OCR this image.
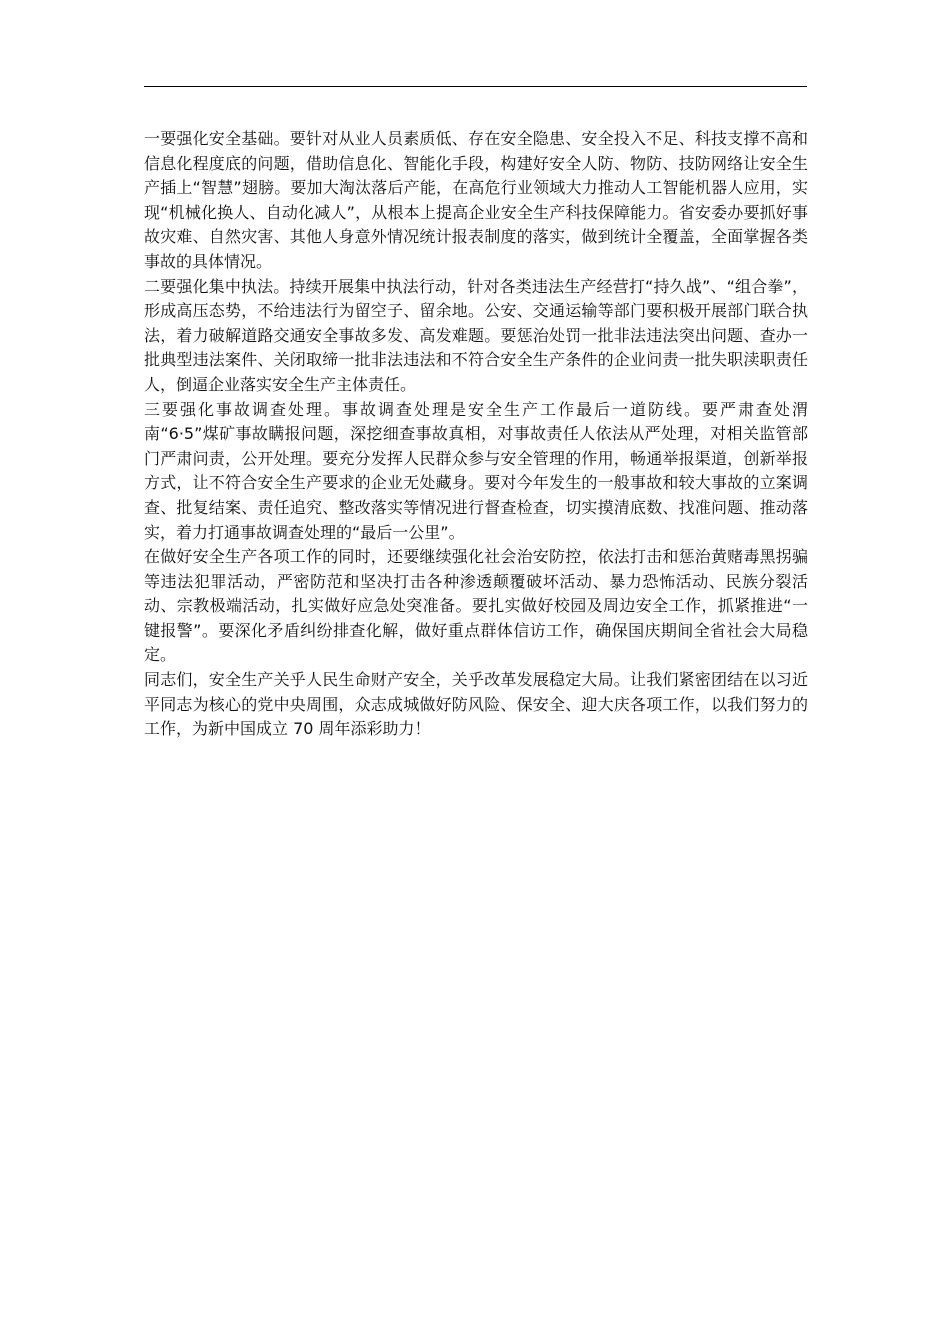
一要强化安全基础。要针对从业人员素质低、存在安全隐患、安全投入不足、科技支撑不高和信息化程度底的问题，借助信息化、智能化手段，构建好安全人防、物防、技防网络让安全生产插上“智慧”翅膀。要加大淘汰落后产能，在高危行业领域大力推动人工智能机器人应用，实现“机械化换人、自动化减人”，从根本上提高企业安全生产科技保障能力。省安委办要抓好事故灾难、自然灾害、其他人身意外情况统计报表制度的落实，做到统计全覆盖，全面掌握各类事故的具体情况。

二要强化集中执法。持续开展集中执法行动，针对各类违法生产经营打“持久战”、“组合拳”，形成高压态势，不给违法行为留空子、留余地。公安、交通运输等部门要积极开展部门联合执法，着力破解道路交通安全事故多发、高发难题。要惩治处罚一批非法违法突出问题、查办一批典型违法案件、关闭取缔一批非法违法和不符合安全生产条件的企业问责一批失职渎职责任人，倒逼企业落实安全生产主体责任。

三要强化事故调查处理。事故调查处理是安全生产工作最后一道防线。要严肃查处渭南“6·5”煤矿事故瞒报问题，深挖细查事故真相，对事故责任人依法从严处理，对相关监管部门严肃问责，公开处理。要充分发挥人民群众参与安全管理的作用，畅通举报渠道，创新举报方式，让不符合安全生产要求的企业无处藏身。要对今年发生的一般事故和较大事故的立案调查、批复结案、责任追究、整改落实等情况进行督查检查，切实摸清底数、找准问题、推动落实，着力打通事故调查处理的“最后一公里”。

在做好安全生产各项工作的同时，还要继续强化社会治安防控，依法打击和惩治黄赌毒黑拐骗等违法犯罪活动，严密防范和坚决打击各种渗透颠覆破坏活动、暴力恐怖活动、民族分裂活动、宗教极端活动，扎实做好应急处突准备。要扎实做好校园及周边安全工作，抓紧推进“一键报警”。要深化矛盾纠纷排查化解，做好重点群体信访工作，确保国庆期间全省社会大局稳定。

同志们，安全生产关乎人民生命财产安全，关乎改革发展稳定大局。让我们紧密团结在以习近平同志为核心的党中央周围，众志成城做好防风险、保安全、迎大庆各项工作，以我们努力的工作，为新中国成立 70 周年添彩助力！
